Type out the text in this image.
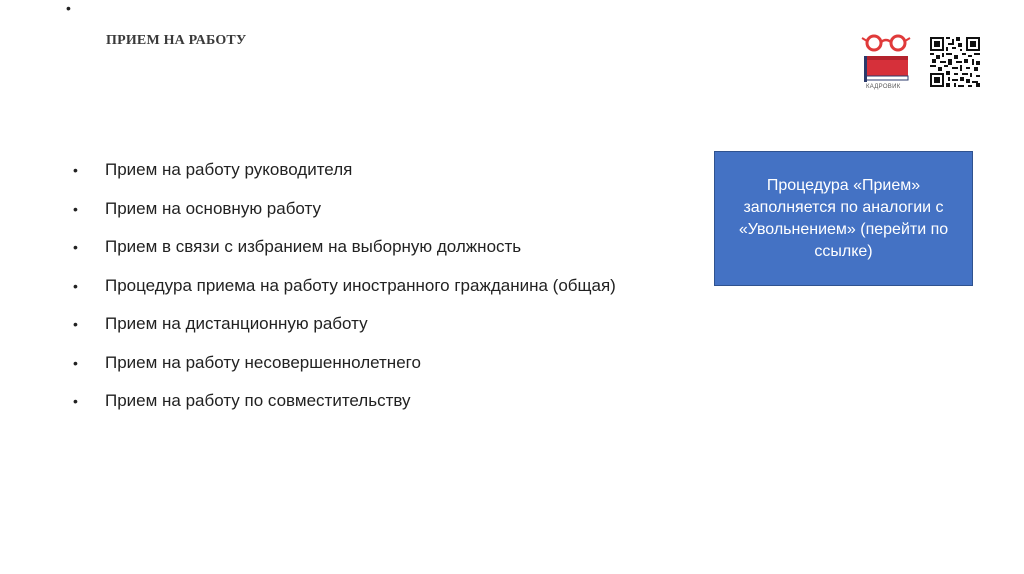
•
ПРИЕМ НА РАБОТУ
КАДРОВИК
• Прием на работу руководителя
• Прием на основную работу
• Прием в связи с избранием на выборную должность
• Процедура приема на работу иностранного гражданина (общая)
• Прием на дистанционную работу
• Прием на работу несовершеннолетнего
• Прием на работу по совместительству
Процедура «Прием» заполняется по аналогии с «Увольнением» (перейти по ссылке)
